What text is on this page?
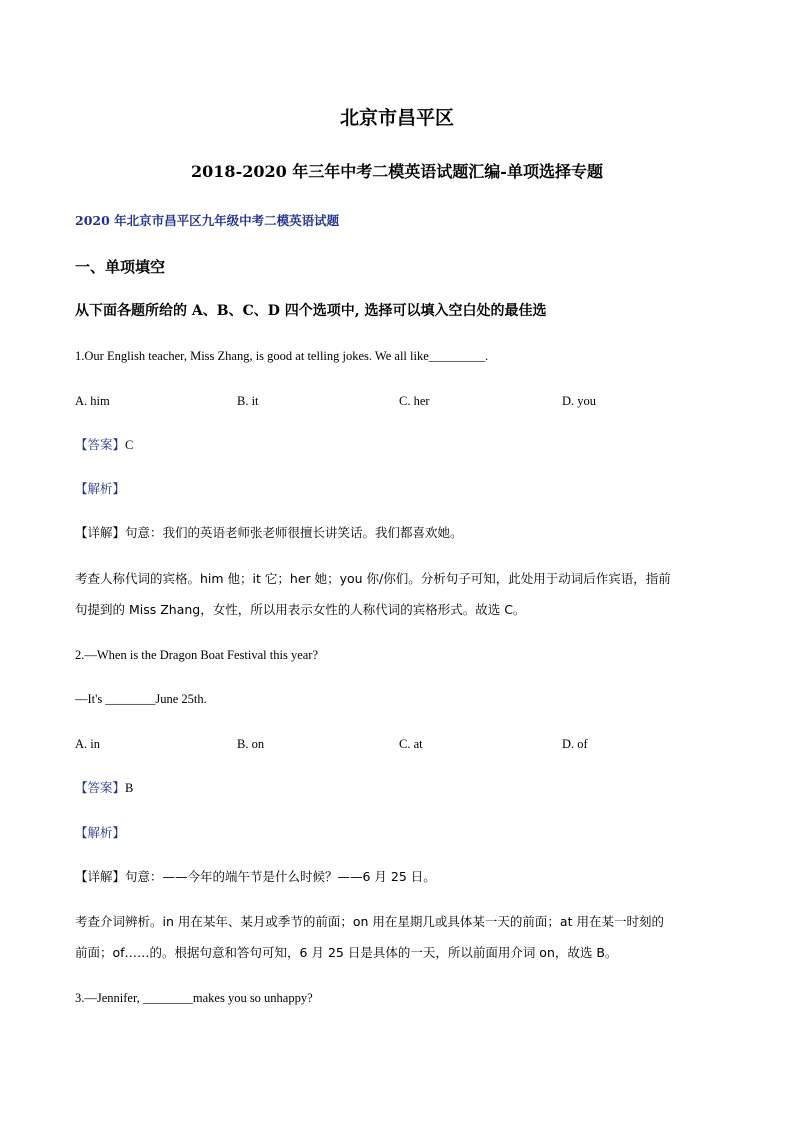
北京市昌平区
2018-2020 年三年中考二模英语试题汇编-单项选择专题
2020 年北京市昌平区九年级中考二模英语试题
一、单项填空
从下面各题所给的 A、B、C、D 四个选项中, 选择可以填入空白处的最佳选
1.Our English teacher, Miss Zhang, is good at telling jokes. We all like_________.
A. him	B. it	C. her	D. you
【答案】C
【解析】
【详解】句意：我们的英语老师张老师很擅长讲笑话。我们都喜欢她。
考查人称代词的宾格。him 他；it 它；her 她；you 你/你们。分析句子可知，此处用于动词后作宾语，指前
句提到的 Miss Zhang，女性，所以用表示女性的人称代词的宾格形式。故选 C。
2.—When is the Dragon Boat Festival this year?
—It's ________June 25th.
A. in	B. on	C. at	D. of
【答案】B
【解析】
【详解】句意：——今年的端午节是什么时候？——6 月 25 日。
考查介词辨析。in 用在某年、某月或季节的前面；on 用在星期几或具体某一天的前面；at 用在某一时刻的
前面；of……的。根据句意和答句可知，6 月 25 日是具体的一天，所以前面用介词 on，故选 B。
3.—Jennifer, ________makes you so unhappy?
